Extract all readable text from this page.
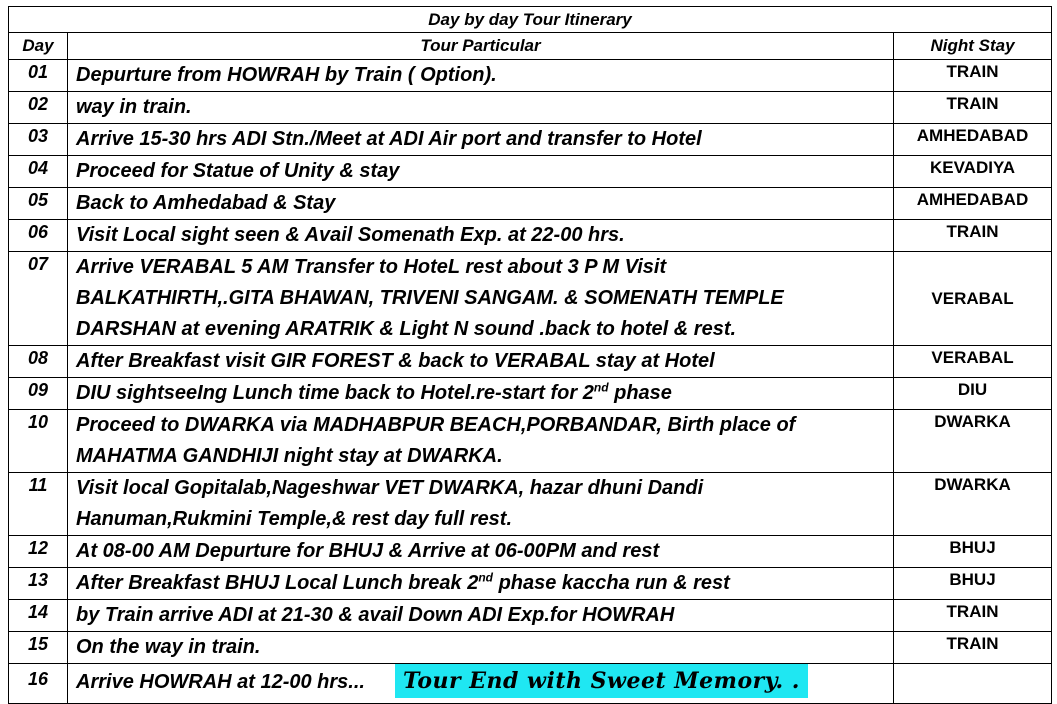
Day by day Tour Itinerary		
Day	Tour Particular	Night Stay
01	Depurture from HOWRAH by Train ( Option).	TRAIN
02	way in train.	TRAIN
03	Arrive 15-30 hrs ADI Stn./Meet at ADI Air port and transfer to Hotel	AMHEDABAD
04	Proceed for Statue of Unity & stay	KEVADIYA
05	Back to Amhedabad & Stay	AMHEDABAD
06	Visit Local sight seen & Avail Somenath Exp. at 22-00 hrs.	TRAIN
07	Arrive VERABAL 5 AM Transfer to HoteL rest about 3 P M Visit
BALKATHIRTH,.GITA BHAWAN, TRIVENI SANGAM. & SOMENATH TEMPLE
DARSHAN at evening ARATRIK & Light N sound .back to hotel & rest.	VERABAL
08	After Breakfast visit GIR FOREST & back to VERABAL stay at Hotel	VERABAL
09	DIU sightseeIng Lunch time back to Hotel.re-start for 2nd phase	DIU
10	Proceed to DWARKA via MADHABPUR BEACH,PORBANDAR, Birth place of
MAHATMA GANDHIJI night stay at DWARKA.	DWARKA
11	Visit local Gopitalab,Nageshwar VET DWARKA, hazar dhuni Dandi
Hanuman,Rukmini Temple,& rest day full rest.	DWARKA
12	At 08-00 AM Depurture for BHUJ & Arrive at 06-00PM and rest	BHUJ
13	After Breakfast BHUJ Local Lunch break 2nd phase kaccha run & rest	BHUJ
14	by Train arrive ADI at 21-30 & avail Down ADI Exp.for HOWRAH	TRAIN
15	On the way in train.	TRAIN
16	Arrive HOWRAH at 12-00 hrs... Tour End with Sweet Memory. .	
